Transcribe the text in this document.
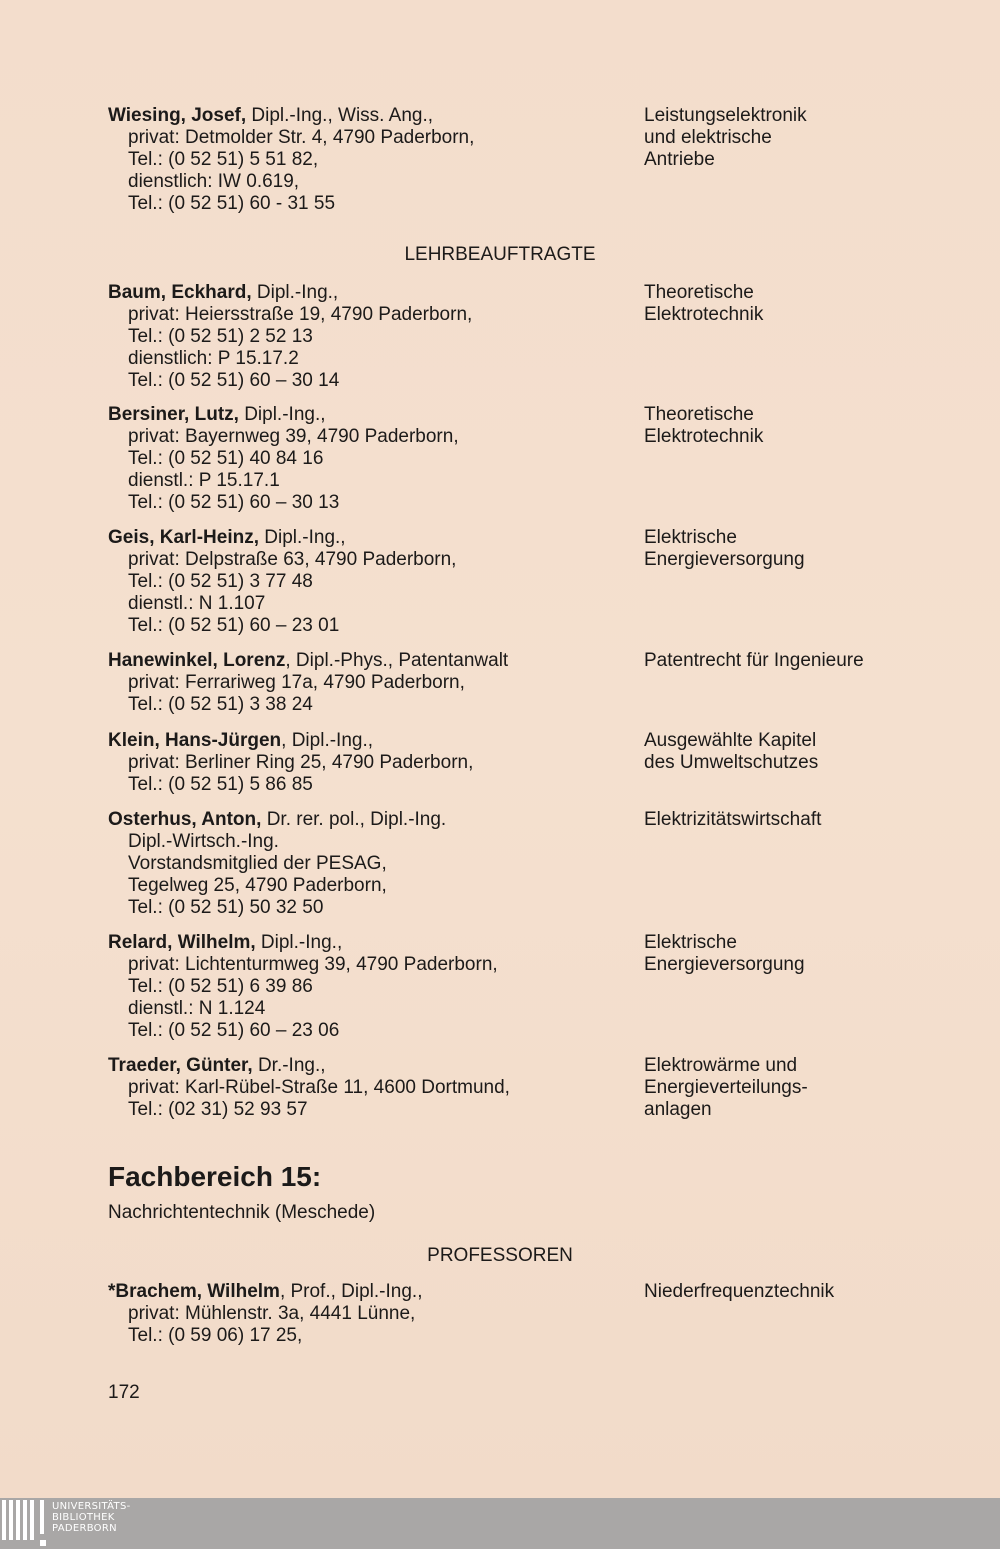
Wiesing, Josef, Dipl.-Ing., Wiss. Ang.,
privat: Detmolder Str. 4, 4790 Paderborn,
Tel.: (0 52 51) 5 51 82,
dienstlich: IW 0.619,
Tel.: (0 52 51) 60 - 31 55
Leistungselektronik
und elektrische
Antriebe
LEHRBEAUFTRAGTE
Baum, Eckhard, Dipl.-Ing.,
privat: Heiersstraße 19, 4790 Paderborn,
Tel.: (0 52 51) 2 52 13
dienstlich: P 15.17.2
Tel.: (0 52 51) 60 – 30 14
Theoretische
Elektrotechnik
Bersiner, Lutz, Dipl.-Ing.,
privat: Bayernweg 39, 4790 Paderborn,
Tel.: (0 52 51) 40 84 16
dienstl.: P 15.17.1
Tel.: (0 52 51) 60 – 30 13
Theoretische
Elektrotechnik
Geis, Karl-Heinz, Dipl.-Ing.,
privat: Delpstraße 63, 4790 Paderborn,
Tel.: (0 52 51) 3 77 48
dienstl.: N 1.107
Tel.: (0 52 51) 60 – 23 01
Elektrische
Energieversorgung
Hanewinkel, Lorenz, Dipl.-Phys., Patentanwalt
privat: Ferrariweg 17a, 4790 Paderborn,
Tel.: (0 52 51) 3 38 24
Patentrecht für Ingenieure
Klein, Hans-Jürgen, Dipl.-Ing.,
privat: Berliner Ring 25, 4790 Paderborn,
Tel.: (0 52 51) 5 86 85
Ausgewählte Kapitel
des Umweltschutzes
Osterhus, Anton, Dr. rer. pol., Dipl.-Ing.
Dipl.-Wirtsch.-Ing.
Vorstandsmitglied der PESAG,
Tegelweg 25, 4790 Paderborn,
Tel.: (0 52 51) 50 32 50
Elektrizitätswirtschaft
Relard, Wilhelm, Dipl.-Ing.,
privat: Lichtenturmweg 39, 4790 Paderborn,
Tel.: (0 52 51) 6 39 86
dienstl.: N 1.124
Tel.: (0 52 51) 60 – 23 06
Elektrische
Energieversorgung
Traeder, Günter, Dr.-Ing.,
privat: Karl-Rübel-Straße 11, 4600 Dortmund,
Tel.: (02 31) 52 93 57
Elektrowärme und
Energieverteilungs-
anlagen
Fachbereich 15:
Nachrichtentechnik (Meschede)
PROFESSOREN
*Brachem, Wilhelm, Prof., Dipl.-Ing.,
privat: Mühlenstr. 3a, 4441 Lünne,
Tel.: (0 59 06) 17 25,
Niederfrequenztechnik
172
UNIVERSITÄTS-
BIBLIOTHEK
PADERBORN
